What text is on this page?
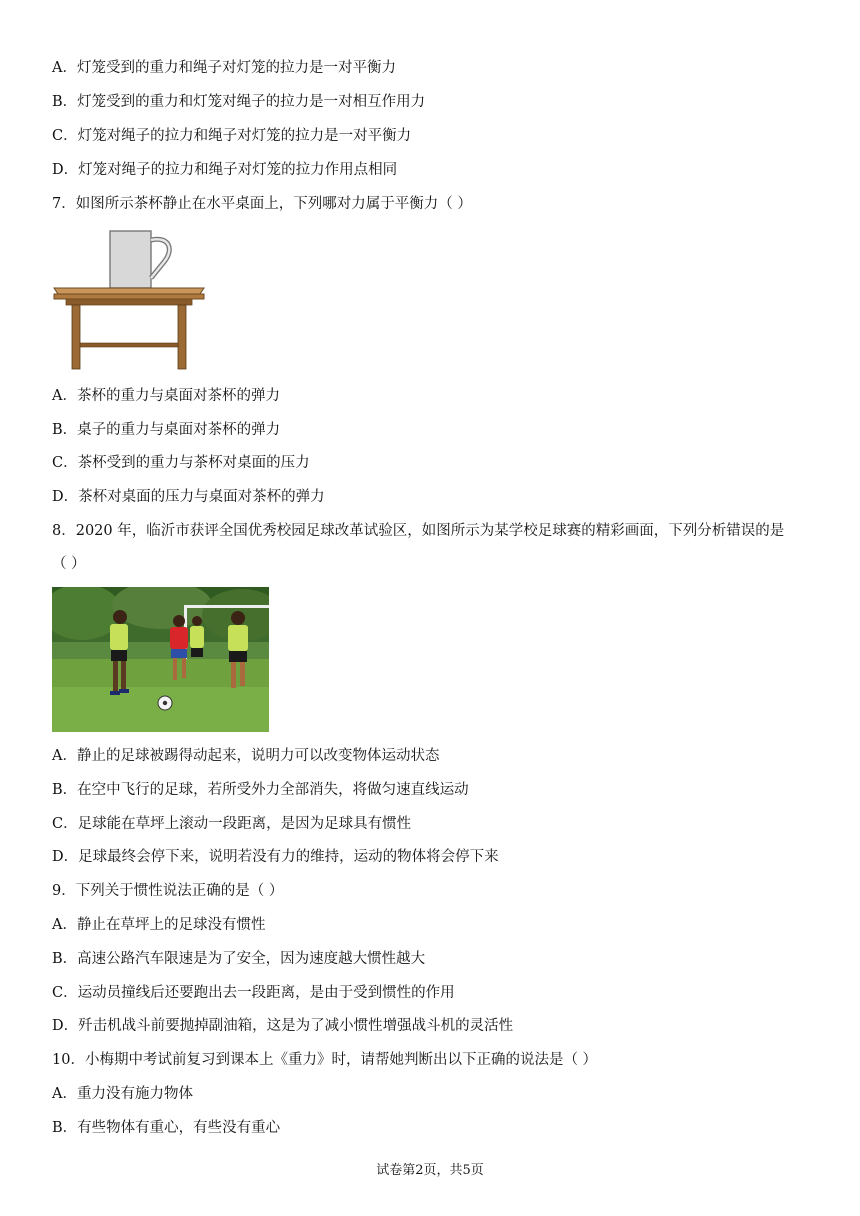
A．灯笼受到的重力和绳子对灯笼的拉力是一对平衡力
B．灯笼受到的重力和灯笼对绳子的拉力是一对相互作用力
C．灯笼对绳子的拉力和绳子对灯笼的拉力是一对平衡力
D．灯笼对绳子的拉力和绳子对灯笼的拉力作用点相同
7．如图所示茶杯静止在水平桌面上，下列哪对力属于平衡力（ ）
A．茶杯的重力与桌面对茶杯的弹力
B．桌子的重力与桌面对茶杯的弹力
C．茶杯受到的重力与茶杯对桌面的压力
D．茶杯对桌面的压力与桌面对茶杯的弹力
8．2020 年，临沂市获评全国优秀校园足球改革试验区，如图所示为某学校足球赛的精彩画面，下列分析错误的是
（ ）
A．静止的足球被踢得动起来，说明力可以改变物体运动状态
B．在空中飞行的足球，若所受外力全部消失，将做匀速直线运动
C．足球能在草坪上滚动一段距离，是因为足球具有惯性
D．足球最终会停下来，说明若没有力的维持，运动的物体将会停下来
9．下列关于惯性说法正确的是（ ）
A．静止在草坪上的足球没有惯性
B．高速公路汽车限速是为了安全，因为速度越大惯性越大
C．运动员撞线后还要跑出去一段距离，是由于受到惯性的作用
D．歼击机战斗前要抛掉副油箱，这是为了减小惯性增强战斗机的灵活性
10．小梅期中考试前复习到课本上《重力》时，请帮她判断出以下正确的说法是（ ）
A．重力没有施力物体
B．有些物体有重心，有些没有重心
试卷第2页，共5页
